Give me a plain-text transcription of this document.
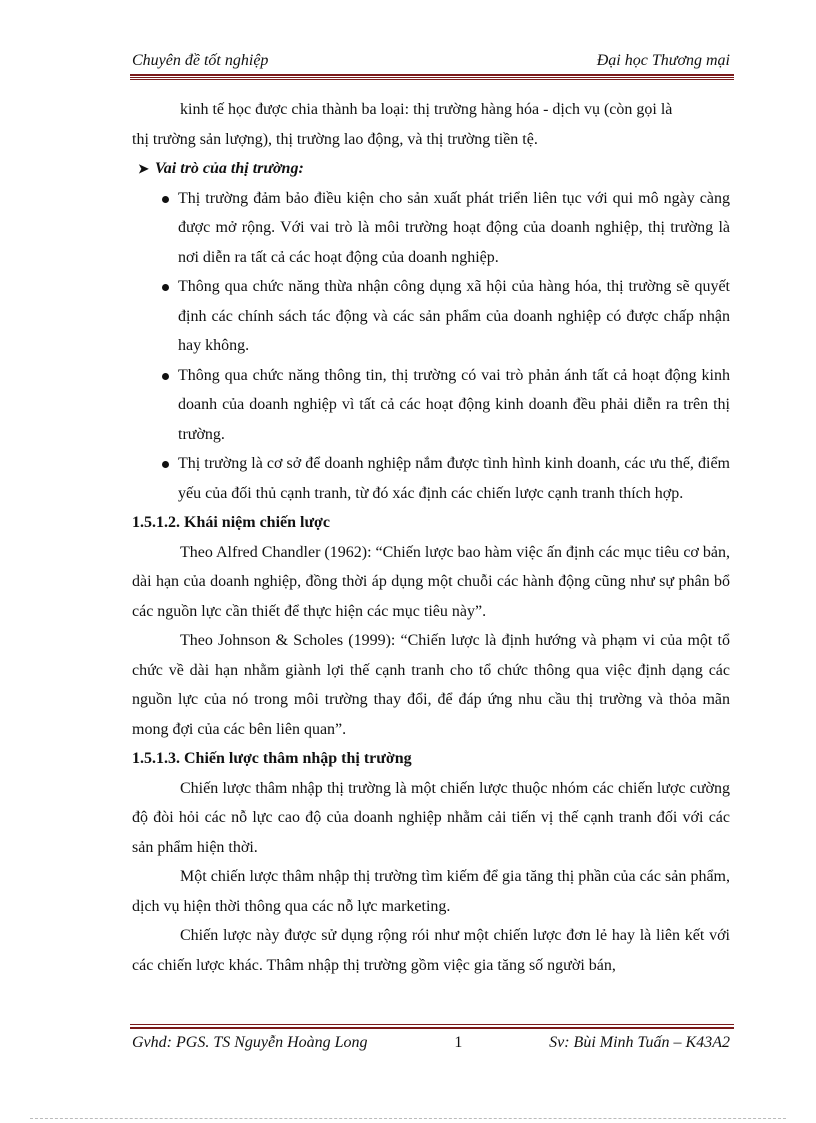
Chuyên đề tốt nghiệp	Đại học Thương mại

kinh tế học được chia thành ba loại: thị trường hàng hóa - dịch vụ (còn gọi là

thị trường sản lượng), thị trường lao động, và thị trường tiền tệ.

➤ Vai trò của thị trường:

Thị trường đảm bảo điều kiện cho sản xuất phát triển liên tục với qui mô ngày càng được mở rộng. Với vai trò là môi trường hoạt động của doanh nghiệp, thị trường là nơi diễn ra tất cả các hoạt động của doanh nghiệp.
Thông qua chức năng thừa nhận công dụng xã hội của hàng hóa, thị trường sẽ quyết định các chính sách tác động và các sản phẩm của doanh nghiệp có được chấp nhận hay không.
Thông qua chức năng thông tin, thị trường có vai trò phản ánh tất cả hoạt động kinh doanh của doanh nghiệp vì tất cả các hoạt động kinh doanh đều phải diễn ra trên thị trường.
Thị trường là cơ sở để doanh nghiệp nắm được tình hình kinh doanh, các ưu thế, điểm yếu của đối thủ cạnh tranh, từ đó xác định các chiến lược cạnh tranh thích hợp.

1.5.1.2. Khái niệm chiến lược

Theo Alfred Chandler (1962): “Chiến lược bao hàm việc ấn định các mục tiêu cơ bản, dài hạn của doanh nghiệp, đồng thời áp dụng một chuỗi các hành động cũng như sự phân bổ các nguồn lực cần thiết để thực hiện các mục tiêu này”.

Theo Johnson & Scholes (1999): “Chiến lược là định hướng và phạm vi của một tổ chức về dài hạn nhằm giành lợi thế cạnh tranh cho tổ chức thông qua việc định dạng các nguồn lực của nó trong môi trường thay đổi, để đáp ứng nhu cầu thị trường và thỏa mãn mong đợi của các bên liên quan”.

1.5.1.3. Chiến lược thâm nhập thị trường

Chiến lược thâm nhập thị trường là một chiến lược thuộc nhóm các chiến lược cường độ đòi hỏi các nỗ lực cao độ của doanh nghiệp nhằm cải tiến vị thế cạnh tranh đối với các sản phẩm hiện thời.

Một chiến lược thâm nhập thị trường tìm kiếm để gia tăng thị phần của các sản phẩm, dịch vụ hiện thời thông qua các nỗ lực marketing.

Chiến lược này được sử dụng rộng rói như một chiến lược đơn lẻ hay là liên kết với các chiến lược khác. Thâm nhập thị trường gồm việc gia tăng số người bán,

Gvhd: PGS. TS Nguyễn Hoàng Long	1	Sv: Bùi Minh Tuấn – K43A2
